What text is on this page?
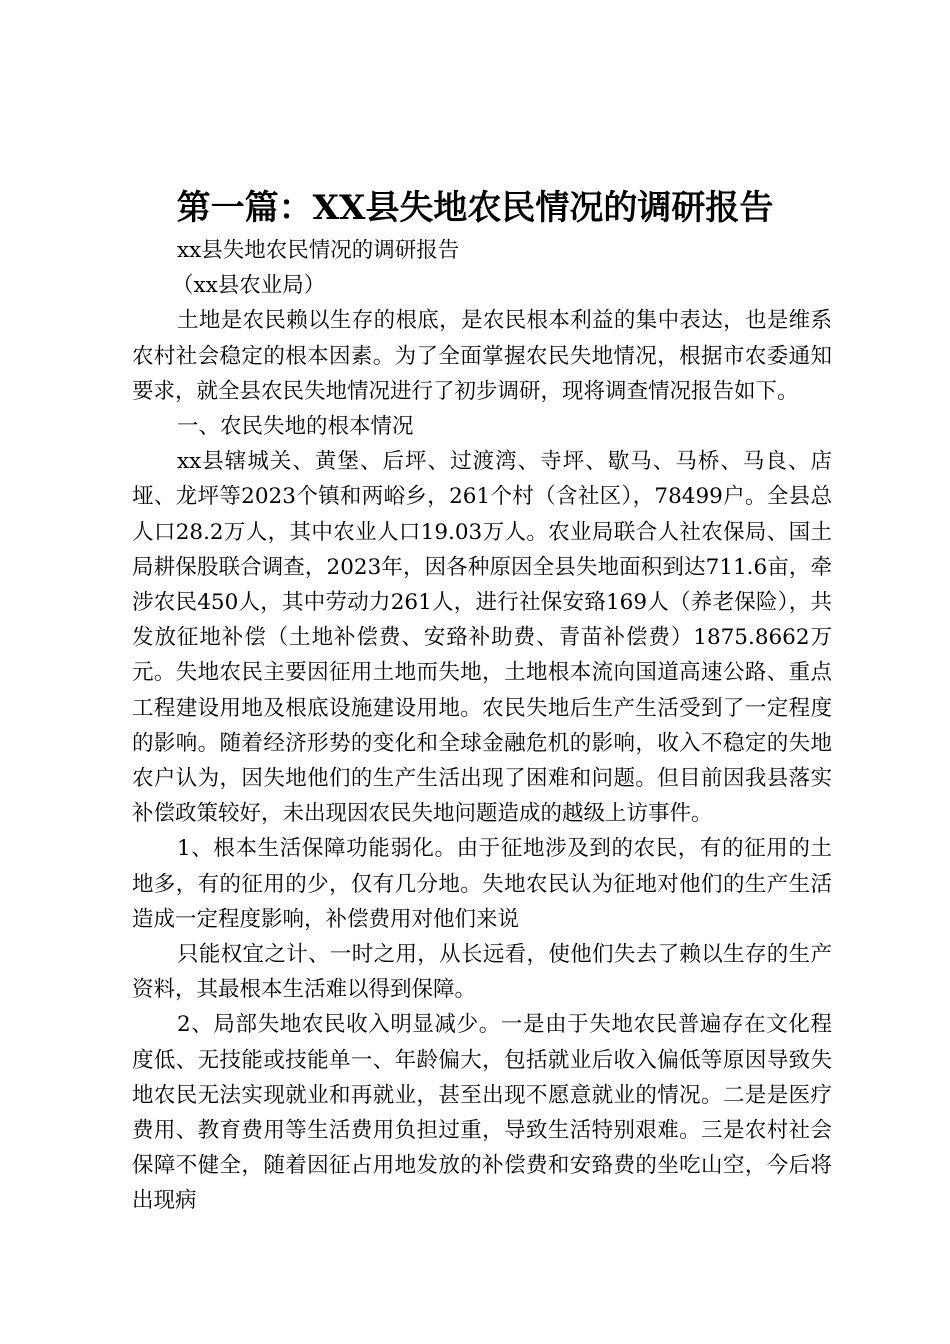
第一篇：XX县失地农民情况的调研报告

xx县失地农民情况的调研报告

（xx县农业局）

土地是农民赖以生存的根底，是农民根本利益的集中表达，也是维系农村社会稳定的根本因素。为了全面掌握农民失地情况，根据市农委通知要求，就全县农民失地情况进行了初步调研，现将调查情况报告如下。

一、农民失地的根本情况

xx县辖城关、黄堡、后坪、过渡湾、寺坪、歇马、马桥、马良、店垭、龙坪等2023个镇和两峪乡，261个村（含社区），78499户。全县总人口28.2万人，其中农业人口19.03万人。农业局联合人社农保局、国土局耕保股联合调查，2023年，因各种原因全县失地面积到达711.6亩，牵涉农民450人，其中劳动力261人，进行社保安臵169人（养老保险），共发放征地补偿（土地补偿费、安臵补助费、青苗补偿费）1875.8662万元。失地农民主要因征用土地而失地，土地根本流向国道高速公路、重点工程建设用地及根底设施建设用地。农民失地后生产生活受到了一定程度的影响。随着经济形势的变化和全球金融危机的影响，收入不稳定的失地农户认为，因失地他们的生产生活出现了困难和问题。但目前因我县落实补偿政策较好，未出现因农民失地问题造成的越级上访事件。

1、根本生活保障功能弱化。由于征地涉及到的农民，有的征用的土地多，有的征用的少，仅有几分地。失地农民认为征地对他们的生产生活造成一定程度影响，补偿费用对他们来说

只能权宜之计、一时之用，从长远看，使他们失去了赖以生存的生产资料，其最根本生活难以得到保障。

2、局部失地农民收入明显减少。一是由于失地农民普遍存在文化程度低、无技能或技能单一、年龄偏大，包括就业后收入偏低等原因导致失地农民无法实现就业和再就业，甚至出现不愿意就业的情况。二是是医疗费用、教育费用等生活费用负担过重，导致生活特别艰难。三是农村社会保障不健全，随着因征占用地发放的补偿费和安臵费的坐吃山空，今后将出现病
